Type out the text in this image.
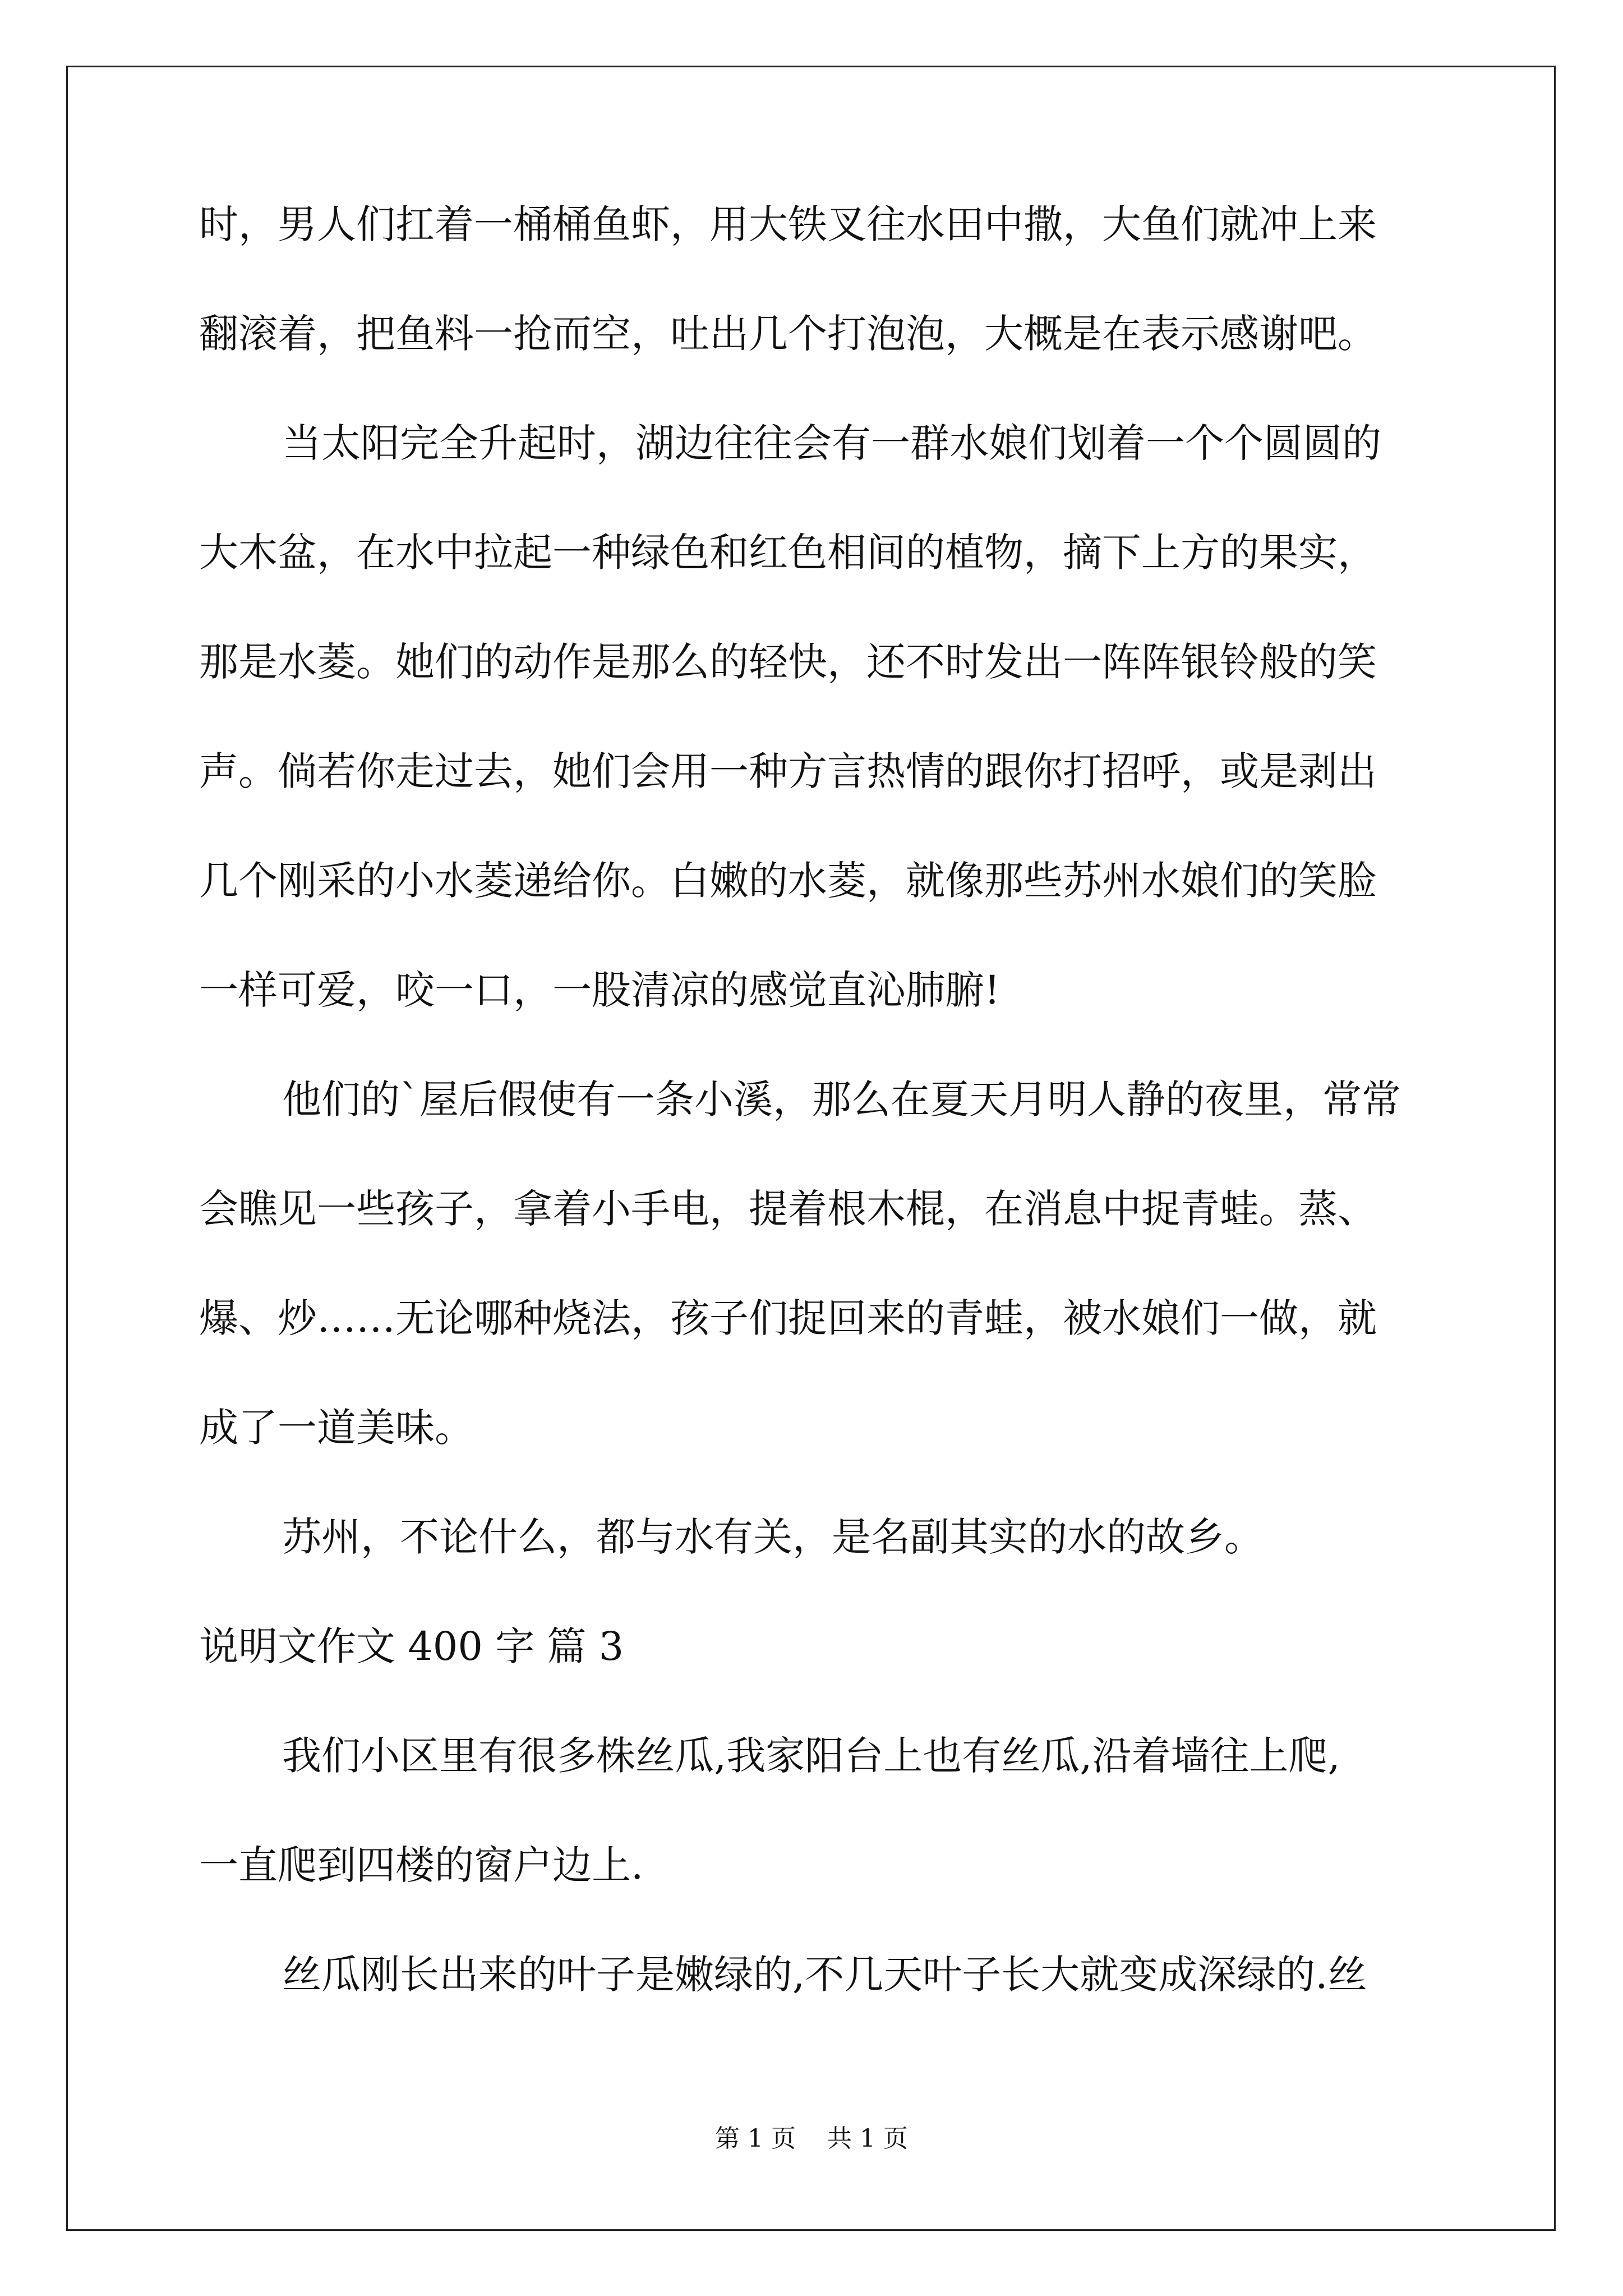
时，男人们扛着一桶桶鱼虾，用大铁叉往水田中撒，大鱼们就冲上来

翻滚着，把鱼料一抢而空，吐出几个打泡泡，大概是在表示感谢吧。

当太阳完全升起时，湖边往往会有一群水娘们划着一个个圆圆的

大木盆，在水中拉起一种绿色和红色相间的植物，摘下上方的果实，

那是水菱。她们的动作是那么的轻快，还不时发出一阵阵银铃般的笑

声。倘若你走过去，她们会用一种方言热情的跟你打招呼，或是剥出

几个刚采的小水菱递给你。白嫩的水菱，就像那些苏州水娘们的笑脸

一样可爱，咬一口，一股清凉的感觉直沁肺腑!

他们的`屋后假使有一条小溪，那么在夏天月明人静的夜里，常常

会瞧见一些孩子，拿着小手电，提着根木棍，在消息中捉青蛙。蒸、

爆、炒……无论哪种烧法，孩子们捉回来的青蛙，被水娘们一做，就

成了一道美味。

苏州，不论什么，都与水有关，是名副其实的水的故乡。

说明文作文 400 字 篇 3

我们小区里有很多株丝瓜,我家阳台上也有丝瓜,沿着墙往上爬,

一直爬到四楼的窗户边上.

丝瓜刚长出来的叶子是嫩绿的,不几天叶子长大就变成深绿的.丝

第 1 页    共 1 页
